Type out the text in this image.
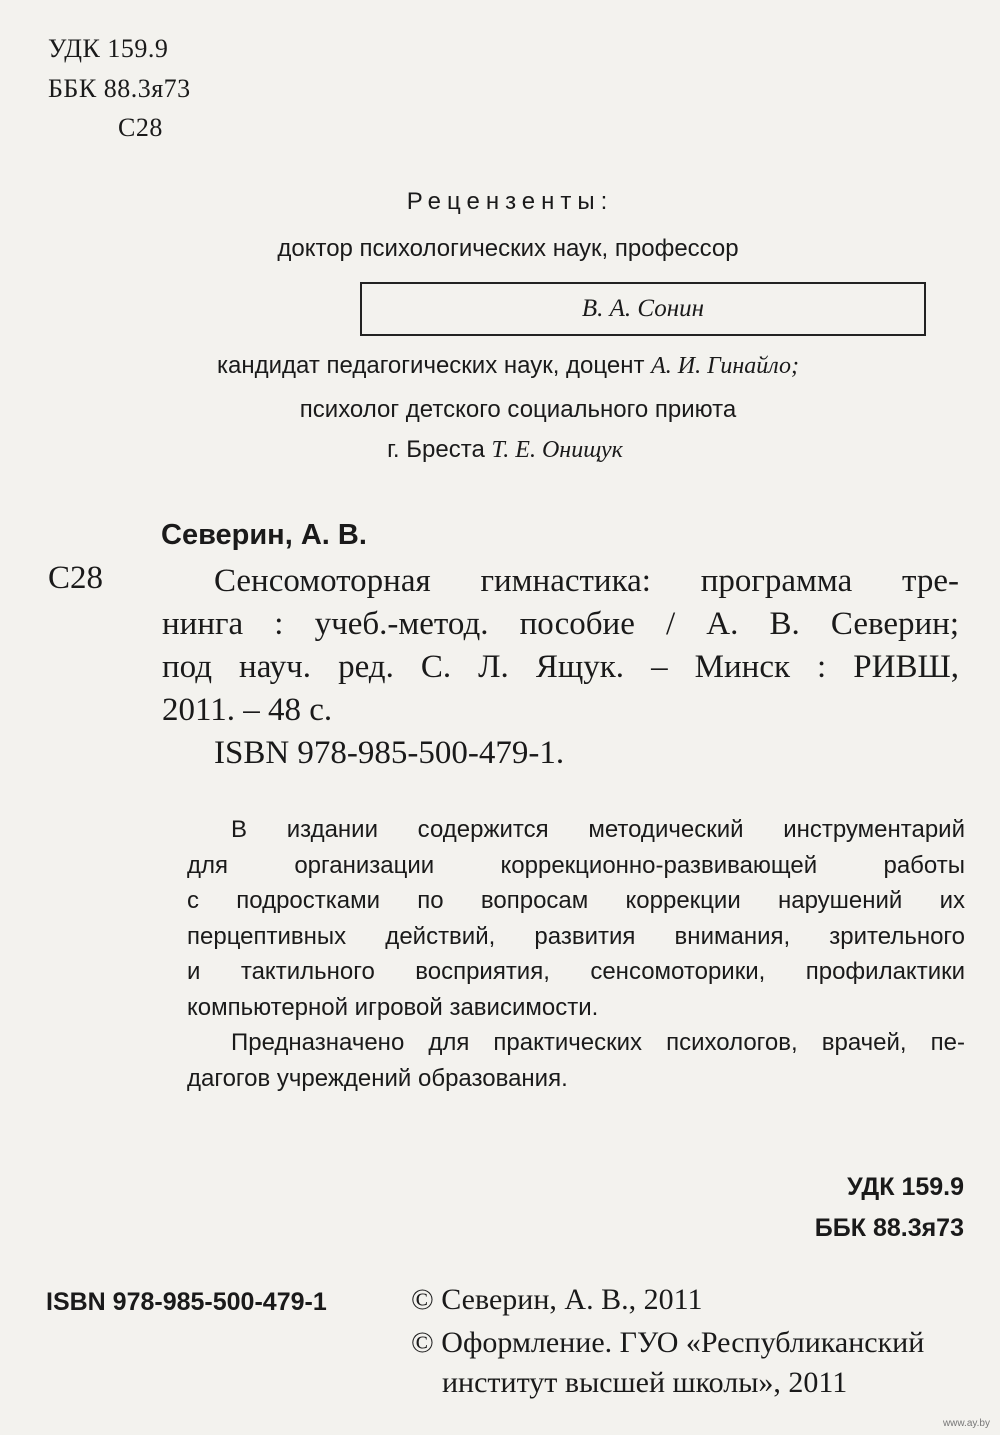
УДК 159.9
ББК 88.3я73
С28
Рецензенты:
доктор психологических наук, профессор
В. А. Сонин
кандидат педагогических наук, доцент А. И. Гинайло;
психолог детского социального приюта
г. Бреста Т. Е. Онищук
Северин, А. В.
С28	Сенсомоторная гимнастика: программа тре-
нинга : учеб.-метод. пособие / А. В. Северин;
под науч. ред. С. Л. Ящук. – Минск : РИВШ,
2011. – 48 с.
ISBN 978-985-500-479-1.

В издании содержится методический инструментарий

для организации коррекционно-развивающей работы

с подростками по вопросам коррекции нарушений их

перцептивных действий, развития внимания, зрительного

и тактильного восприятия, сенсомоторики, профилактики

компьютерной игровой зависимости.

Предназначено для практических психологов, врачей, пе-

дагогов учреждений образования.

УДК 159.9
ББК 88.3я73
ISBN 978-985-500-479-1	© Северин, А. В., 2011
© Оформление. ГУО «Республиканский
институт высшей школы», 2011
www.ay.by
